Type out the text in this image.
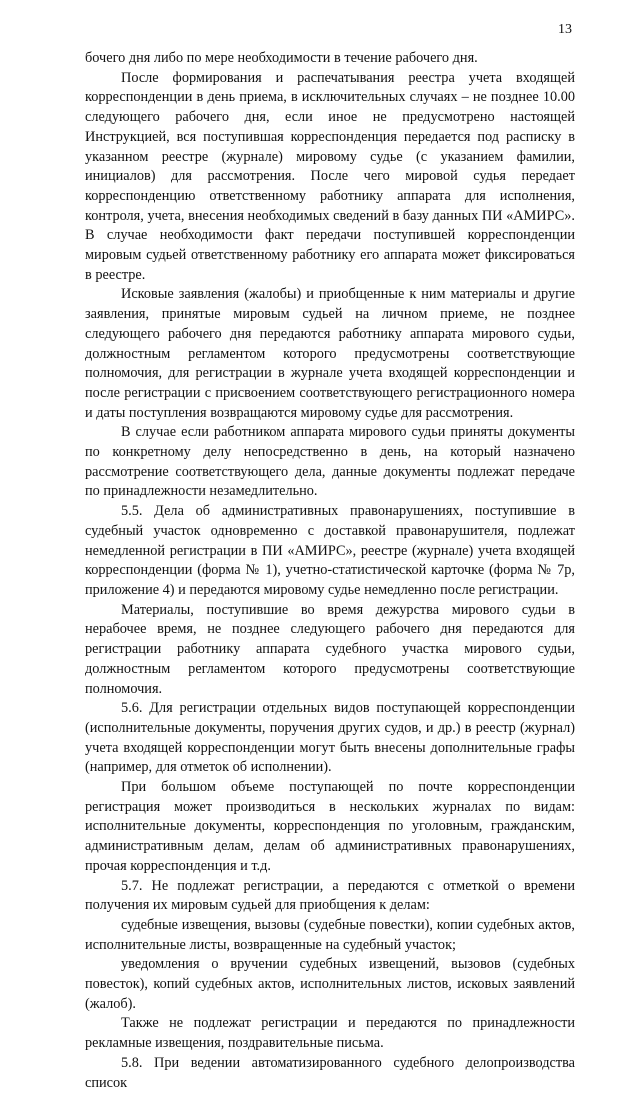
13

бочего дня либо по мере необходимости в течение рабочего дня.

После формирования и распечатывания реестра учета входящей корреспонденции в день приема, в исключительных случаях – не позднее 10.00 следующего рабочего дня, если иное не предусмотрено настоящей Инструкцией, вся поступившая корреспонденция передается под расписку в указанном реестре (журнале) мировому судье (с указанием фамилии, инициалов) для рассмотрения. После чего мировой судья передает корреспонденцию ответственному работнику аппарата для исполнения, контроля, учета, внесения необходимых сведений в базу данных ПИ «АМИРС». В случае необходимости факт передачи поступившей корреспонденции мировым судьей ответственному работнику его аппарата может фиксироваться в реестре.

Исковые заявления (жалобы) и приобщенные к ним материалы и другие заявления, принятые мировым судьей на личном приеме, не позднее следующего рабочего дня передаются работнику аппарата мирового судьи, должностным регламентом которого предусмотрены соответствующие полномочия, для регистрации в журнале учета входящей корреспонденции и после регистрации с присвоением соответствующего регистрационного номера и даты поступления возвращаются мировому судье для рассмотрения.

В случае если работником аппарата мирового судьи приняты документы по конкретному делу непосредственно в день, на который назначено рассмотрение соответствующего дела, данные документы подлежат передаче по принадлежности незамедлительно.

5.5. Дела об административных правонарушениях, поступившие в судебный участок одновременно с доставкой правонарушителя, подлежат немедленной регистрации в ПИ «АМИРС», реестре (журнале) учета входящей корреспонденции (форма № 1), учетно-статистической карточке (форма № 7р, приложение 4) и передаются мировому судье немедленно после регистрации.

Материалы, поступившие во время дежурства мирового судьи в нерабочее время, не позднее следующего рабочего дня передаются для регистрации работнику аппарата судебного участка мирового судьи, должностным регламентом которого предусмотрены соответствующие полномочия.

5.6. Для регистрации отдельных видов поступающей корреспонденции (исполнительные документы, поручения других судов, и др.) в реестр (журнал) учета входящей корреспонденции могут быть внесены дополнительные графы (например, для отметок об исполнении).

При большом объеме поступающей по почте корреспонденции регистрация может производиться в нескольких журналах по видам: исполнительные документы, корреспонденция по уголовным, гражданским, административным делам, делам об административных правонарушениях, прочая корреспонденция и т.д.

5.7. Не подлежат регистрации, а передаются с отметкой о времени получения их мировым судьей для приобщения к делам:

судебные извещения, вызовы (судебные повестки), копии судебных актов, исполнительные листы, возвращенные на судебный участок;

уведомления о вручении судебных извещений, вызовов (судебных повесток), копий судебных актов, исполнительных листов, исковых заявлений (жалоб).

Также не подлежат регистрации и передаются по принадлежности рекламные извещения, поздравительные письма.

5.8. При ведении автоматизированного судебного делопроизводства список
